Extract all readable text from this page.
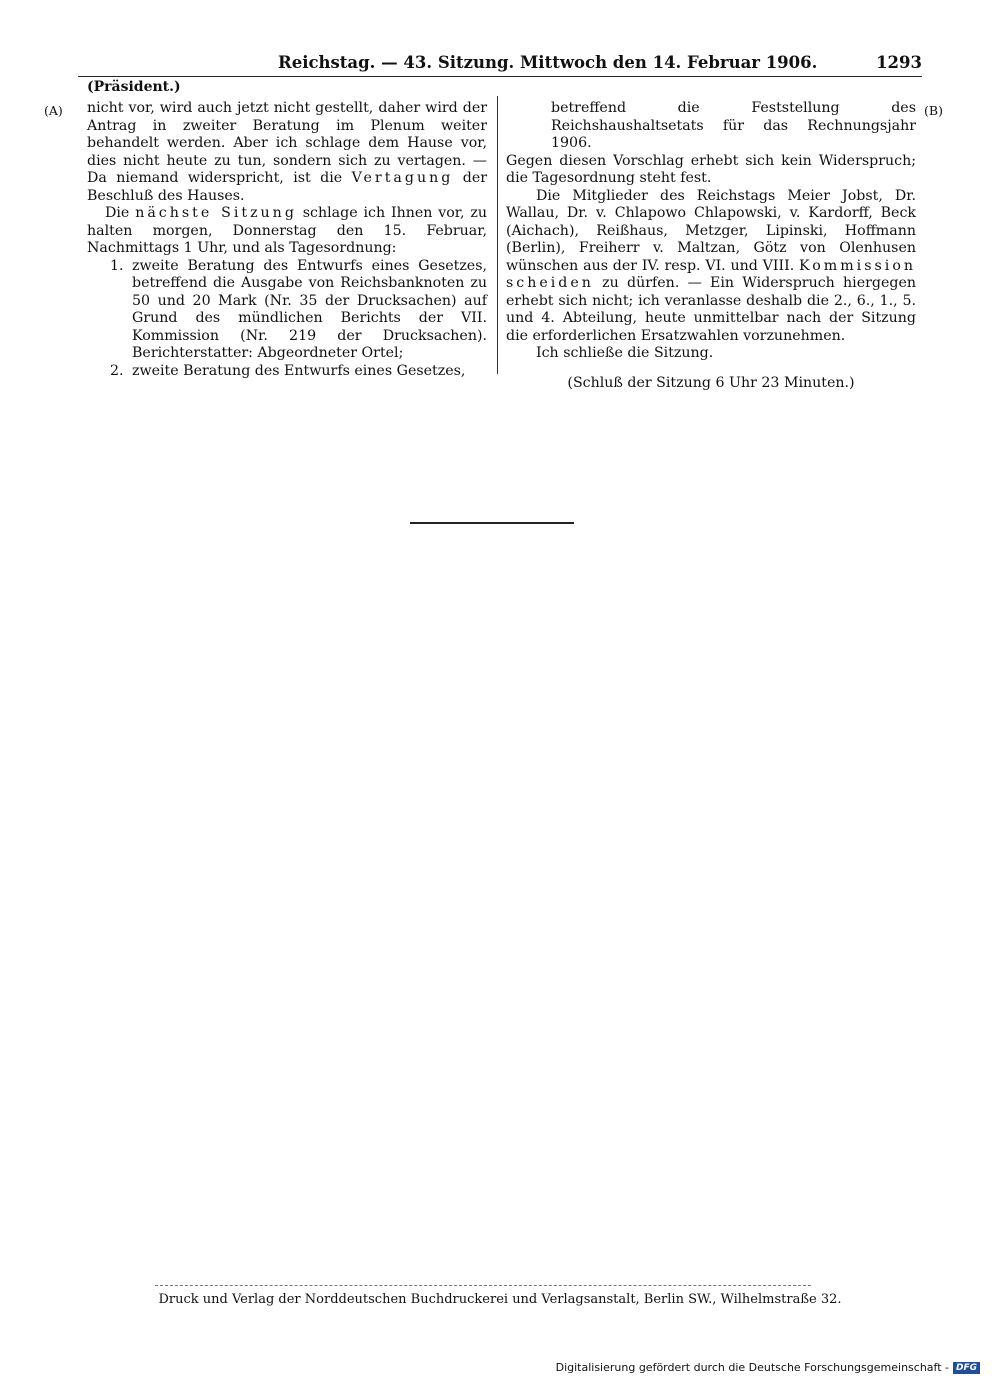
Reichstag. — 43. Sitzung. Mittwoch den 14. Februar 1906.	1293
(Präsident.)
(A)	(B)

nicht vor, wird auch jetzt nicht gestellt, daher wird der Antrag in zweiter Beratung im Plenum weiter behandelt werden. Aber ich schlage dem Hause vor, dies nicht heute zu tun, sondern sich zu vertagen. — Da niemand widerspricht, ist die Vertagung der Beschluß des Hauses.

Die nächste Sitzung schlage ich Ihnen vor, zu halten morgen, Donnerstag den 15. Februar, Nachmittags 1 Uhr, und als Tagesordnung:

1. zweite Beratung des Entwurfs eines Gesetzes, betreffend die Ausgabe von Reichsbanknoten zu 50 und 20 Mark (Nr. 35 der Drucksachen) auf Grund des mündlichen Berichts der VII. Kommission (Nr. 219 der Drucksachen). Berichterstatter: Abgeordneter Ortel;
2. zweite Beratung des Entwurfs eines Gesetzes,

betreffend die Feststellung des Reichshaushaltsetats für das Rechnungsjahr 1906.

Gegen diesen Vorschlag erhebt sich kein Widerspruch; die Tagesordnung steht fest.

Die Mitglieder des Reichstags Meier Jobst, Dr. Wallau, Dr. v. Chlapowo Chlapowski, v. Kardorff, Beck (Aichach), Reißhaus, Metzger, Lipinski, Hoffmann (Berlin), Freiherr v. Maltzan, Götz von Olenhusen wünschen aus der IV. resp. VI. und VIII. Kommission scheiden zu dürfen. — Ein Widerspruch hiergegen erhebt sich nicht; ich veranlasse deshalb die 2., 6., 1., 5. und 4. Abteilung, heute unmittelbar nach der Sitzung die erforderlichen Ersatzwahlen vorzunehmen.

Ich schließe die Sitzung.

(Schluß der Sitzung 6 Uhr 23 Minuten.)

Druck und Verlag der Norddeutschen Buchdruckerei und Verlagsanstalt, Berlin SW., Wilhelmstraße 32.
Digitalisierung gefördert durch die Deutsche Forschungsgemeinschaft - DFG
